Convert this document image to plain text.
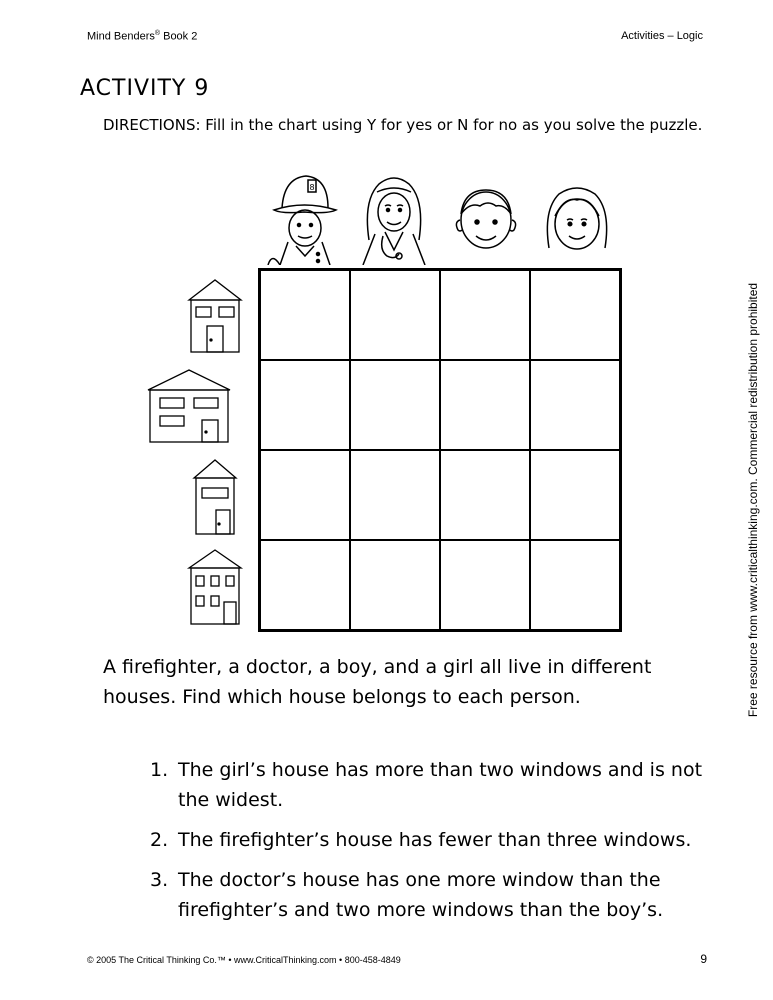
Mind Benders® Book 2	Activities – Logic
ACTIVITY 9
DIRECTIONS: Fill in the chart using Y for yes or N for no as you solve the puzzle.
8
A firefighter, a doctor, a boy, and a girl all live in different houses. Find which house belongs to each person.
1. The girl’s house has more than two windows and is not the widest.
2. The firefighter’s house has fewer than three windows.
3. The doctor’s house has one more window than the firefighter’s and two more windows than the boy’s.
Free resource from www.criticalthinking.com. Commercial redistribution prohibited
© 2005 The Critical Thinking Co.™ • www.CriticalThinking.com • 800-458-4849	9
